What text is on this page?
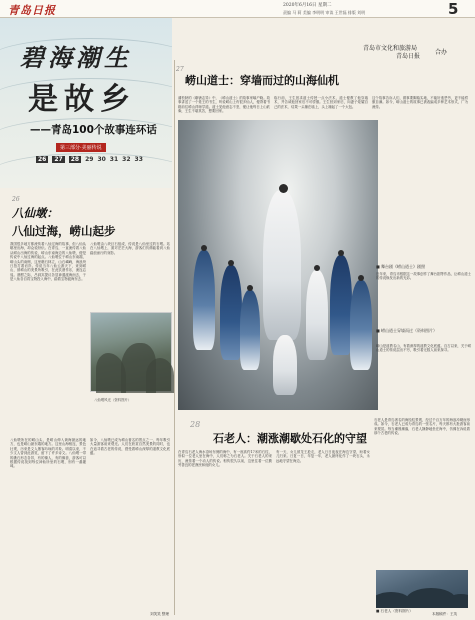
青岛日报	2020年6月16日 星期二
责编 马 莉 美编 李明明 审读 王世磊 排版 刘明	5
碧海潮生
是故乡
——青岛100个故事连环话
第三部分·美丽传说
26	27	28	29 30 31 32 33
青岛市文化和旅游局
青岛日报
合办
26
八仙墩：
八仙过海，崂山起步
我国很多地方都流传着八仙过海的故事，但八仙从哪里出海，却众说纷纭。在青岛，一直流传着八仙从崂山出海的传说，崂山东南海边的八仙墩，便是传说中八仙过海的起点。八仙墩位于崂山东南端，崂山头的南侧，这里礁石林立，山石嶙峋，海浪终日拍打着岩岸。传说当年八仙云游天下，来到崂山，被崂山的美景所吸引，在此饮酒作乐，流连忘返。酒酣之际，吕洞宾提议各显神通渡海而去，于是八仙各自将宝物投入海中，踏着宝物渡海东去。
八仙墩由八块巨石组成，传说是八仙坐过的石墩。站在八仙墩上，面对茫茫大海，游客们仿佛能看到八仙踏浪而行的身影。
八仙墩风光（资料图片）
八仙墩所在的崂山头，是崂山伸入黄海最远的地方，也是崂山最东端的地方。这里山海相连，景色壮观，历来是文人墨客吟咏的对象。明清以来，不少文人曾到此游览，留下了许多诗文。八仙墩一带的礁石形态各异，有的像人，有的像兽，游客可以根据传说找到每位神仙所坐的石墩，别有一番趣味。
如今，八仙墩已成为崂山著名的景点之一，每年吸引大量游客前来观光。人们在欣赏自然美景的同时，也在追寻着古老的传说，感受着崂山深厚的道教文化底蕴。
刘笑笑 整理
27
崂山道士：穿墙而过的山海仙机
蒲松龄的《聊斋志异》中，《崂山道士》的故事家喻户晓。故事讲述了一个姓王的书生，听说崂山上有很多仙人，便背着书箱前往崂山拜师学道。道士见他意志不坚，便让他每日上山砍柴，王生不堪其苦，想要回家。
临行前，王生恳求道士传授一点小法术，道士便教了他穿墙术，并告诫他回家后不可骄傲。王生回到家后，向妻子炫耀自己的法术，结果一头撞在墙上，头上撞起了一个大包。
这个故事告诉人们，做事要脚踏实地，不能好逸恶劳，更不能骄傲自满。如今，崂山道士的故事已被改编成多种艺术形式，广为流传。
■ 舞台剧《崂山道士》剧照
近年来，青岛市根据这一故事创作了舞台剧等作品，让崂山道士的传说焕发出新的光彩。
■ 崂山道士穿墙而过（资料图片）
崂山是道教名山，有着深厚的道教文化底蕴。自古以来，关于崂山道士的传说层出不穷，吸引着无数人前来探寻。
28
石老人：潮涨潮歇处石化的守望
在青岛石老人海水浴场东侧的海中，有一座高约17米的石柱，形似一位老人坐在海中，人们称之为石老人。关于石老人的来历，流传着一个动人的传说。相传很久以前，这里住着一位勤劳善良的老渔民和他的女儿。
有一天，女儿被龙王抢走，老人日日夜夜在海边守望，盼着女儿归来。日复一日，年复一年，老人最终化作了一块石头，永远地守望在海边。
石老人是青岛著名的海蚀柱景观，经过千百万年的海浪冲刷而形成。如今，石老人已成为青岛的一张名片，每天都有大批游客前来观赏。每当潮涨潮落，石老人静静地坐在海中，仿佛在诉说着那个古老的传说。
■ 石老人（资料图片）
本版稿件：王英
